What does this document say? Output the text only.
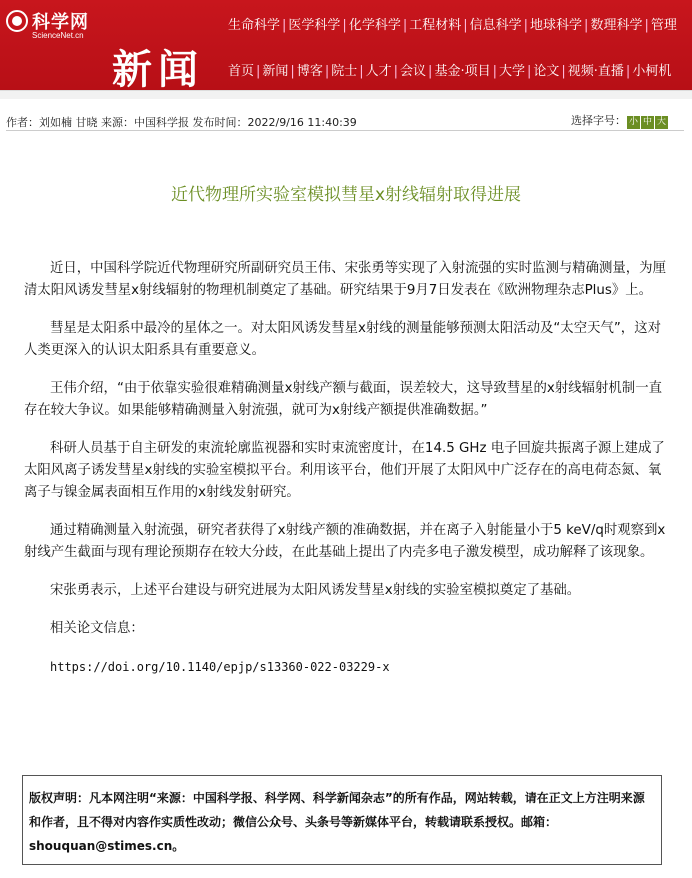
科学网
ScienceNet.cn
新闻
生命科学 | 医学科学 | 化学科学 | 工程材料 | 信息科学 | 地球科学 | 数理科学 | 管理
首页 | 新闻 | 博客 | 院士 | 人才 | 会议 | 基金·项目 | 大学 | 论文 | 视频·直播 | 小柯机
作者：刘如楠 甘晓 来源：中国科学报 发布时间：2022/9/16 11:40:39	选择字号： 小 中 大
近代物理所实验室模拟彗星x射线辐射取得进展

近日，中国科学院近代物理研究所副研究员王伟、宋张勇等实现了入射流强的实时监测与精确测量，为厘清太阳风诱发彗星x射线辐射的物理机制奠定了基础。研究结果于9月7日发表在《欧洲物理杂志Plus》上。

彗星是太阳系中最冷的星体之一。对太阳风诱发彗星x射线的测量能够预测太阳活动及“太空天气”，这对人类更深入的认识太阳系具有重要意义。

王伟介绍，“由于依靠实验很难精确测量x射线产额与截面，误差较大，这导致彗星的x射线辐射机制一直存在较大争议。如果能够精确测量入射流强，就可为x射线产额提供准确数据。”

科研人员基于自主研发的束流轮廓监视器和实时束流密度计，在14.5 GHz 电子回旋共振离子源上建成了太阳风离子诱发彗星x射线的实验室模拟平台。利用该平台，他们开展了太阳风中广泛存在的高电荷态氮、氧离子与镍金属表面相互作用的x射线发射研究。

通过精确测量入射流强，研究者获得了x射线产额的准确数据，并在离子入射能量小于5 keV/q时观察到x射线产生截面与现有理论预期存在较大分歧，在此基础上提出了内壳多电子激发模型，成功解释了该现象。

宋张勇表示，上述平台建设与研究进展为太阳风诱发彗星x射线的实验室模拟奠定了基础。

相关论文信息：

https://doi.org/10.1140/epjp/s13360-022-03229-x

版权声明：凡本网注明“来源：中国科学报、科学网、科学新闻杂志”的所有作品，网站转载，请在正文上方注明来源和作者，且不得对内容作实质性改动；微信公众号、头条号等新媒体平台，转载请联系授权。邮箱：shouquan@stimes.cn。
